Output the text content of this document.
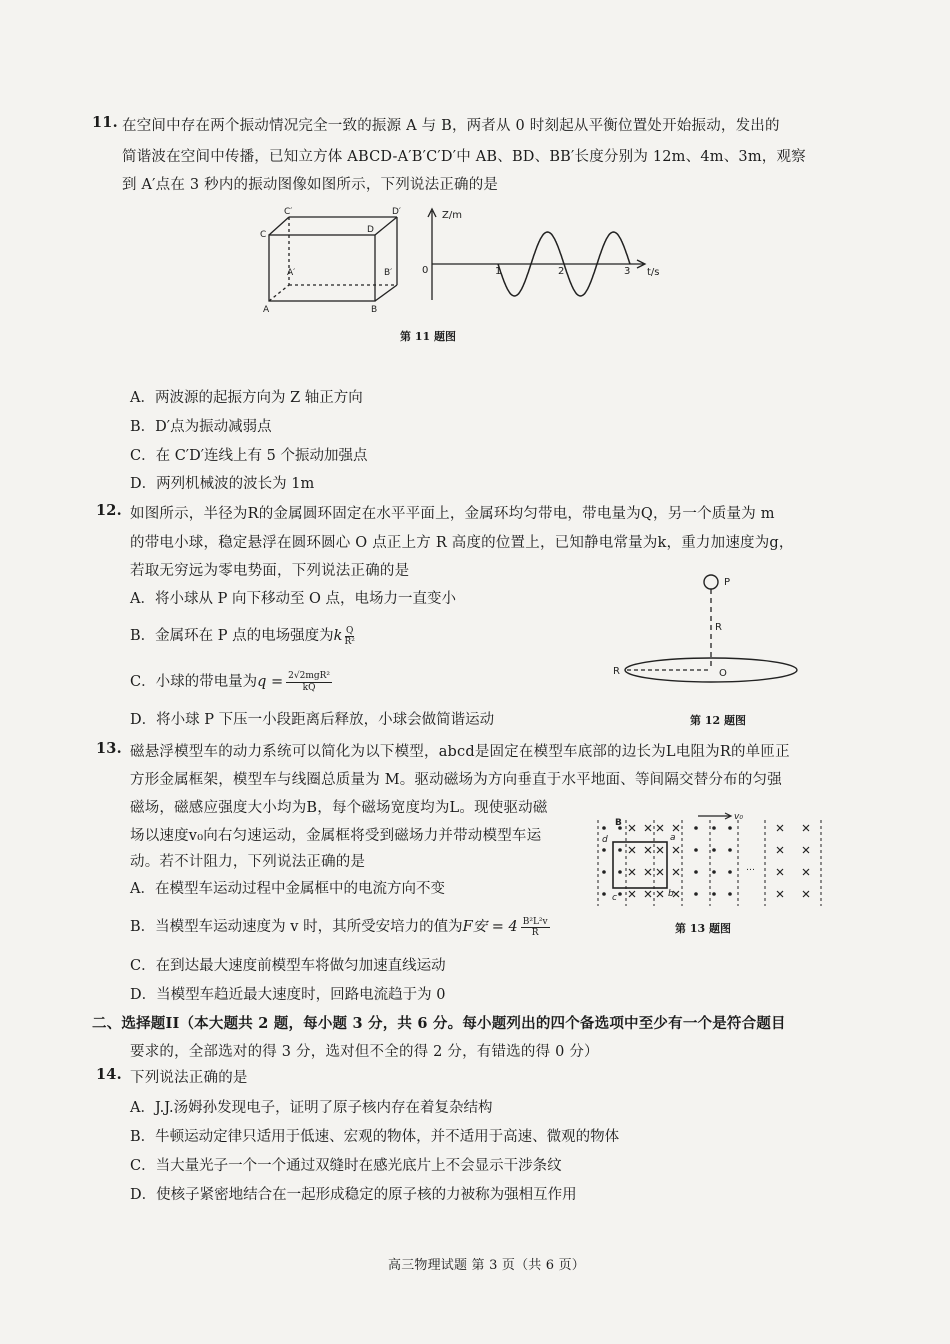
11. 在空间中存在两个振动情况完全一致的振源 A 与 B，两者从 0 时刻起从平衡位置处开始振动，发出的
简谐波在空间中传播，已知立方体 ABCD-A′B′C′D′中 AB、BD、BB′长度分别为 12m、4m、3m，观察
到 A′点在 3 秒内的振动图像如图所示，下列说法正确的是
C′	D′
C	D
A′	B′
A	B
Z/m
t/s
0	1	2	3
第 11 题图
A．两波源的起振方向为 Z 轴正方向
B．D′点为振动减弱点
C．在 C′D′连线上有 5 个振动加强点
D．两列机械波的波长为 1m
12. 如图所示，半径为R的金属圆环固定在水平平面上，金属环均匀带电，带电量为Q，另一个质量为 m
的带电小球，稳定悬浮在圆环圆心 O 点正上方 R 高度的位置上，已知静电常量为k，重力加速度为g，
若取无穷远为零电势面，下列说法正确的是
A．将小球从 P 向下移动至 O 点，电场力一直变小
B．金属环在 P 点的电场强度为k $\frac{Q}{\text{R²}}$
C．小球的带电量为q = 2√2mgR²
kQ
D．将小球 P 下压一小段距离后释放，小球会做简谐运动
P
R
R	O
第 12 题图
13. 磁悬浮模型车的动力系统可以简化为以下模型，abcd是固定在模型车底部的边长为L电阻为R的单匝正
方形金属框架，模型车与线圈总质量为 M。驱动磁场为方向垂直于水平地面、等间隔交替分布的匀强
磁场，磁感应强度大小均为B，每个磁场宽度均为L。现使驱动磁
场以速度v₀向右匀速运动，金属框将受到磁场力并带动模型车运
动。若不计阻力，下列说法正确的是
A．在模型车运动过程中金属框中的电流方向不变
B．当模型车运动速度为 v 时，其所受安培力的值为F安 = $4 \frac{\text{B²L²v}}{R}$
C．在到达最大速度前模型车将做匀加速直线运动
D．当模型车趋近最大速度时，回路电流趋于为 0
v₀
B
d	a
c	b
…
第 13 题图
二、选择题II（本大题共 2 题，每小题 3 分，共 6 分。每小题列出的四个备选项中至少有一个是符合题目
要求的，全部选对的得 3 分，选对但不全的得 2 分，有错选的得 0 分）
14. 下列说法正确的是
A．J.J.汤姆孙发现电子，证明了原子核内存在着复杂结构
B．牛顿运动定律只适用于低速、宏观的物体，并不适用于高速、微观的物体
C．当大量光子一个一个通过双缝时在感光底片上不会显示干涉条纹
D．使核子紧密地结合在一起形成稳定的原子核的力被称为强相互作用
高三物理试题 第 3 页（共 6 页）
